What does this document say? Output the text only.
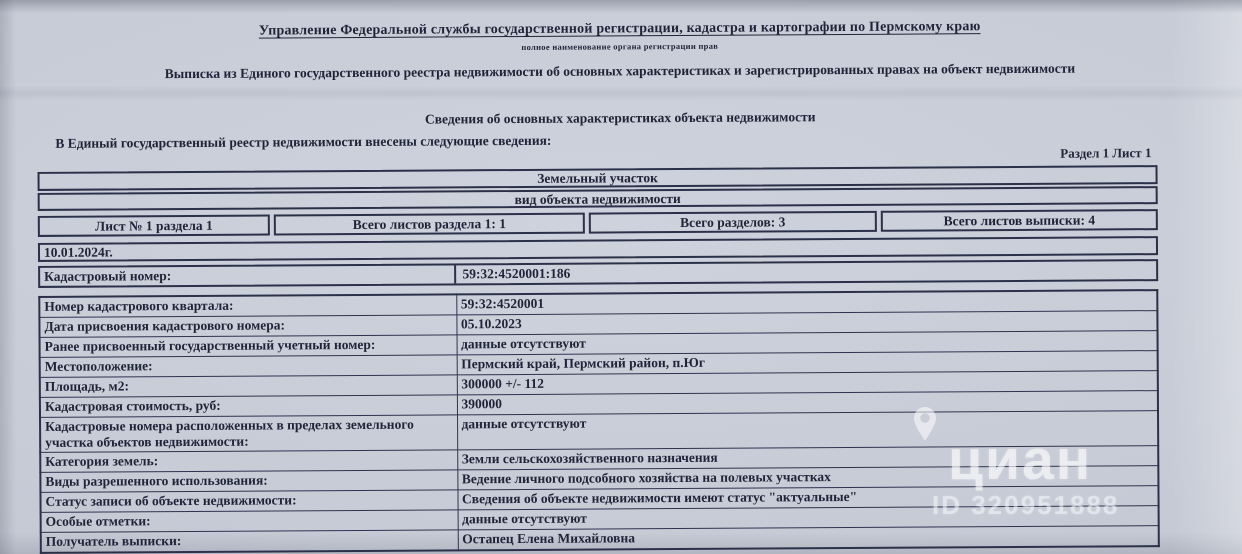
Управление Федеральной службы государственной регистрации, кадастра и картографии по Пермскому краю
полное наименование органа регистрации прав
Выписка из Единого государственного реестра недвижимости об основных характеристиках и зарегистрированных правах на объект недвижимости
Сведения об основных характеристиках объекта недвижимости
В Единый государственный реестр недвижимости внесены следующие сведения:
Раздел 1 Лист 1
Земельный участок
вид объекта недвижимости
Лист № 1 раздела 1	Всего листов раздела 1: 1	Всего разделов: 3	Всего листов выписки: 4
10.01.2024г.
Кадастровый номер:	59:32:4520001:186
Номер кадастрового квартала:	59:32:4520001
Дата присвоения кадастрового номера:	05.10.2023
Ранее присвоенный государственный учетный номер:	данные отсутствуют
Местоположение:	Пермский край, Пермский район, п.Юг
Площадь, м2:	300000 +/- 112
Кадастровая стоимость, руб:	390000
Кадастровые номера расположенных в пределах земельного участка объектов недвижимости:	данные отсутствуют
Категория земель:	Земли сельскохозяйственного назначения
Виды разрешенного использования:	Ведение личного подсобного хозяйства на полевых участках
Статус записи об объекте недвижимости:	Сведения об объекте недвижимости имеют статус "актуальные"
Особые отметки:	данные отсутствуют
Получатель выписки:	Остапец Елена Михайловна
циан
ID 320951888
